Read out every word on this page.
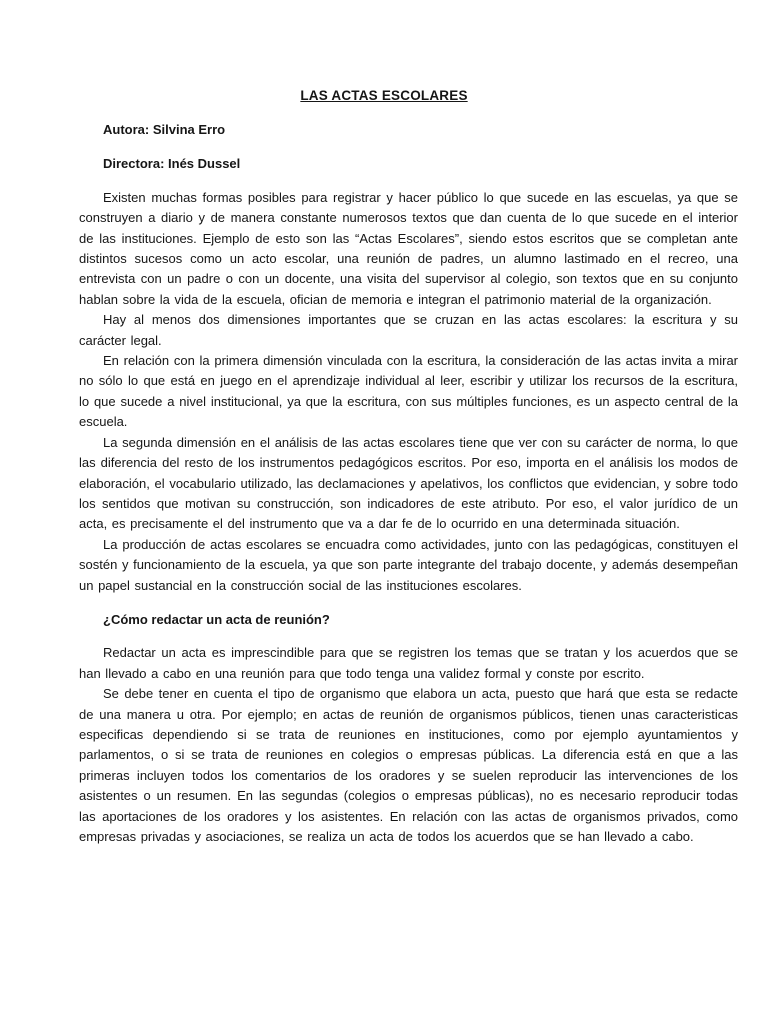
LAS ACTAS ESCOLARES

Autora: Silvina Erro

Directora: Inés Dussel

Existen muchas formas posibles para registrar y hacer público lo que sucede en las escuelas, ya que se construyen a diario y de manera constante numerosos textos que dan cuenta de lo que sucede en el interior de las instituciones. Ejemplo de esto son las “Actas Escolares”, siendo estos escritos que se completan ante distintos sucesos como un acto escolar, una reunión de padres, un alumno lastimado en el recreo, una entrevista con un padre o con un docente, una visita del supervisor al colegio, son textos que en su conjunto hablan sobre la vida de la escuela, ofician de memoria e integran el patrimonio material de la organización.

Hay al menos dos dimensiones importantes que se cruzan en las actas escolares: la escritura y su carácter legal.

En relación con la primera dimensión vinculada con la escritura, la consideración de las actas invita a mirar no sólo lo que está en juego en el aprendizaje individual al leer, escribir y utilizar los recursos de la escritura, lo que sucede a nivel institucional, ya que la escritura, con sus múltiples funciones, es un aspecto central de la escuela.

La segunda dimensión en el análisis de las actas escolares tiene que ver con su carácter de norma, lo que las diferencia del resto de los instrumentos pedagógicos escritos. Por eso, importa en el análisis los modos de elaboración, el vocabulario utilizado, las declamaciones y apelativos, los conflictos que evidencian, y sobre todo los sentidos que motivan su construcción, son indicadores de este atributo. Por eso, el valor jurídico de un acta, es precisamente el del instrumento que va a dar fe de lo ocurrido en una determinada situación.

La producción de actas escolares se encuadra como actividades, junto con las pedagógicas, constituyen el sostén y funcionamiento de la escuela, ya que son parte integrante del trabajo docente, y además desempeñan un papel sustancial en la construcción social de las instituciones escolares.

¿Cómo redactar un acta de reunión?

Redactar un acta es imprescindible para que se registren los temas que se tratan y los acuerdos que se han llevado a cabo en una reunión para que todo tenga una validez formal y conste por escrito.

Se debe tener en cuenta el tipo de organismo que elabora un acta, puesto que hará que esta se redacte de una manera u otra. Por ejemplo; en actas de reunión de organismos públicos, tienen unas caracteristicas especificas dependiendo si se trata de reuniones en instituciones, como por ejemplo ayuntamientos y parlamentos, o si se trata de reuniones en colegios o empresas públicas. La diferencia está en que a las primeras incluyen todos los comentarios de los oradores y se suelen reproducir las intervenciones de los asistentes o un resumen. En las segundas (colegios o empresas públicas), no es necesario reproducir todas las aportaciones de los oradores y los asistentes. En relación con las actas de organismos privados, como empresas privadas y asociaciones, se realiza un acta de todos los acuerdos que se han llevado a cabo.
